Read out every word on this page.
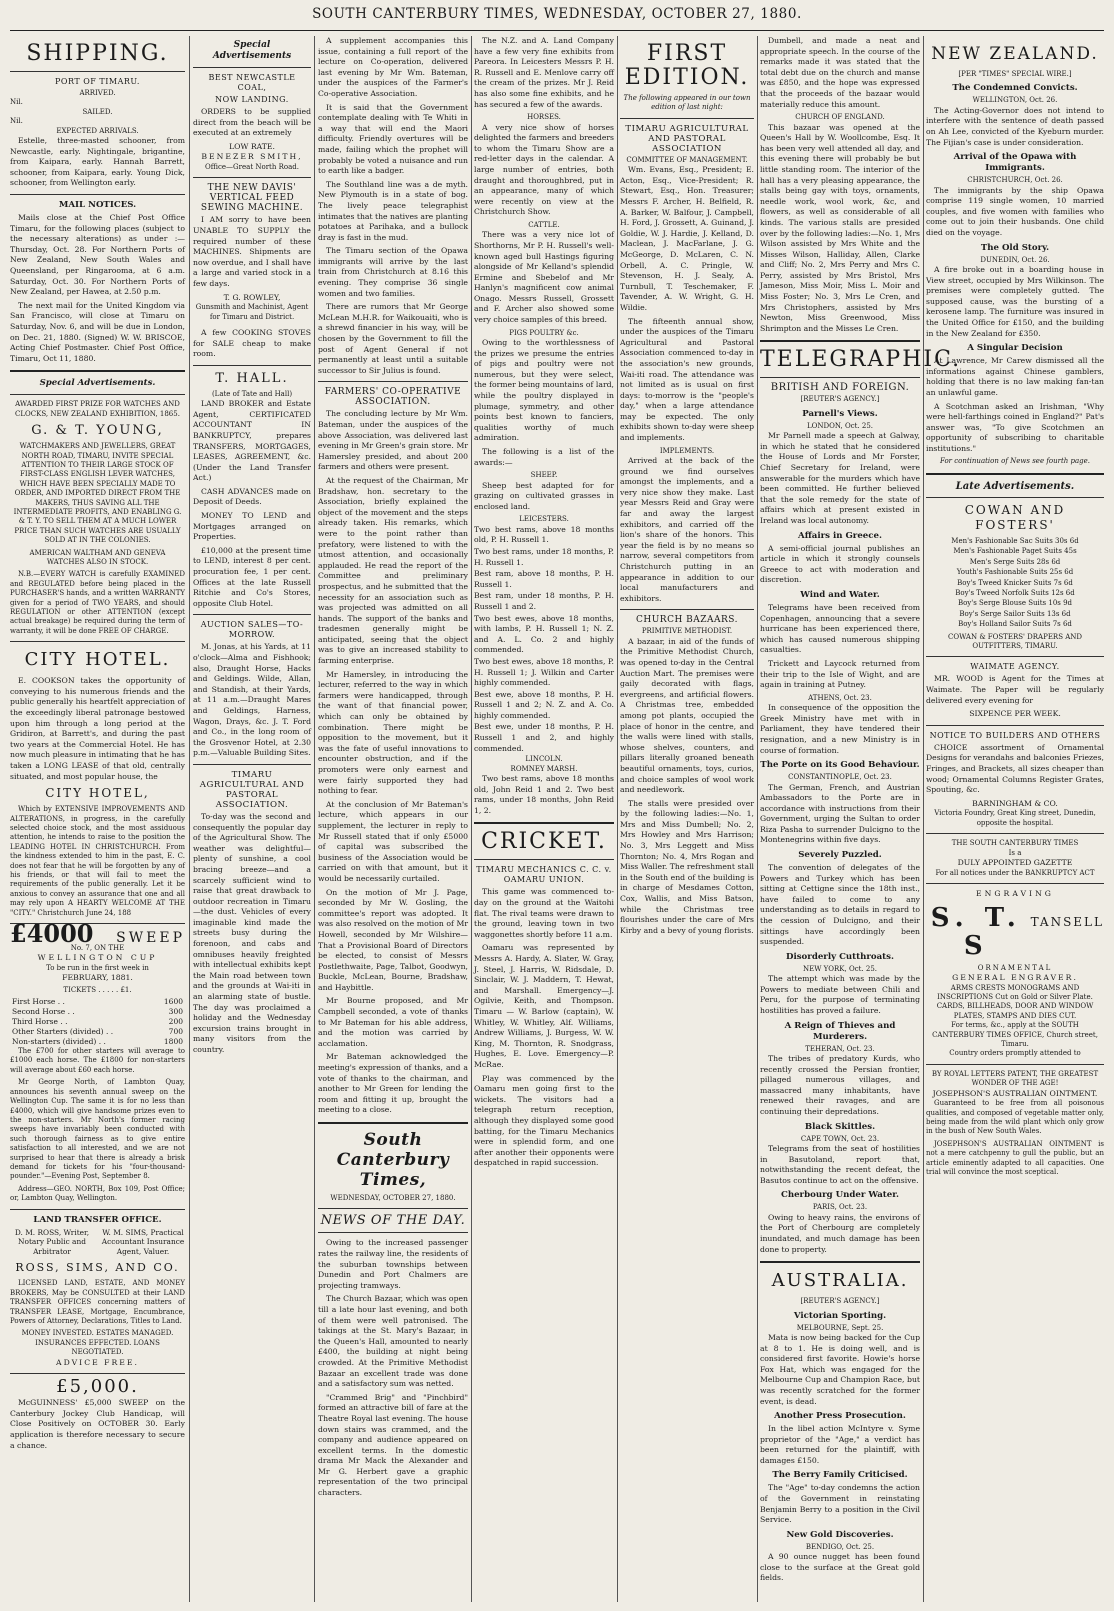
SOUTH CANTERBURY TIMES, WEDNESDAY, OCTOBER 27, 1880.
SHIPPING.
PORT OF TIMARU.
ARRIVED.
Nil.
SAILED.
Nil.
EXPECTED ARRIVALS.

Estelle, three-masted schooner, from Newcastle, early. Nightingale, brigantine, from Kaipara, early. Hannah Barrett, schooner, from Kaipara, early. Young Dick, schooner, from Wellington early.

MAIL NOTICES.

Mails close at the Chief Post Office Timaru, for the following places (subject to the necessary alterations) as under :— Thursday, Oct. 28. For Northern Ports of New Zealand, New South Wales and Queensland, per Ringarooma, at 6 a.m. Saturday, Oct. 30. For Northern Ports of New Zealand, per Hawea, at 2.50 p.m.

The next mail for the United Kingdom via San Francisco, will close at Timaru on Saturday, Nov. 6, and will be due in London, on Dec. 21, 1880. (Signed) W. W. BRISCOE, Acting Chief Postmaster. Chief Post Office, Timaru, Oct 11, 1880.

Special Advertisements.
AWARDED FIRST PRIZE FOR WATCHES AND CLOCKS, NEW ZEALAND EXHIBITION, 1865.
G. & T. YOUNG,
WATCHMAKERS AND JEWELLERS, GREAT NORTH ROAD, TIMARU, INVITE SPECIAL ATTENTION TO THEIR LARGE STOCK OF FIRST-CLASS ENGLISH LEVER WATCHES, WHICH HAVE BEEN SPECIALLY MADE TO ORDER, AND IMPORTED DIRECT FROM THE MAKERS, THUS SAVING ALL THE INTERMEDIATE PROFITS, AND ENABLING G. & T. Y. TO SELL THEM AT A MUCH LOWER PRICE THAN SUCH WATCHES ARE USUALLY SOLD AT IN THE COLONIES.
AMERICAN WALTHAM AND GENEVA WATCHES ALSO IN STOCK.

N.B.—EVERY WATCH is carefully EXAMINED and REGULATED before being placed in the PURCHASER'S hands, and a written WARRANTY given for a period of TWO YEARS, and should REGULATION or other ATTENTION (except actual breakage) be required during the term of warranty, it will be done FREE OF CHARGE.

CITY HOTEL.

E. COOKSON takes the opportunity of conveying to his numerous friends and the public generally his heartfelt appreciation of the exceedingly liberal patronage bestowed upon him through a long period at the Gridiron, at Barrett's, and during the past two years at the Commercial Hotel. He has now much pleasure in intimating that he has taken a LONG LEASE of that old, centrally situated, and most popular house, the

CITY HOTEL,

Which by EXTENSIVE IMPROVEMENTS AND ALTERATIONS, in progress, in the carefully selected choice stock, and the most assiduous attention, he intends to raise to the position the LEADING HOTEL IN CHRISTCHURCH. From the kindness extended to him in the past, E. C. does not fear that he will be forgotten by any of his friends, or that will fail to meet the requirements of the public generally. Let it be anxious to convey an assurance that one and all may rely upon A HEARTY WELCOME AT THE "CITY." Christchurch June 24, 188

£4000 SWEEP
No. 7, ON THE
WELLINGTON CUP
To be run in the first week in
FEBRUARY, 1881.
TICKETS . . . . . £1.
First Horse . .	1600
Second Horse . .	300
Third Horse . .	200
Other Starters (divided) . .	700
Non-starters (divided) . .	1800

The £700 for other starters will average to £1000 each horse. The £1800 for non-starters will average about £60 each horse.

Mr George North, of Lambton Quay, announces his seventh annual sweep on the Wellington Cup. The same it is for no less than £4000, which will give handsome prizes even to the non-starters. Mr North's former racing sweeps have invariably been conducted with such thorough fairness as to give entire satisfaction to all interested, and we are not surprised to hear that there is already a brisk demand for tickets for his "four-thousand-pounder."—Evening Post, September 8.

Address—GEO. NORTH, Box 109, Post Office; or, Lambton Quay, Wellington.

LAND TRANSFER OFFICE.
D. M. ROSS, Writer, Notary Public and Arbitrator
W. M. SIMS, Practical Accountant Insurance Agent, Valuer.
ROSS, SIMS, AND CO.

LICENSED LAND, ESTATE, AND MONEY BROKERS, May be CONSULTED at their LAND TRANSFER OFFICES concerning matters of TRANSFER LEASE, Mortgage, Encumbrance, Powers of Attorney, Declarations, Titles to Land.

MONEY INVESTED. ESTATES MANAGED. INSURANCES EFFECTED. LOANS NEGOTIATED.
ADVICE FREE.
£5,000.

McGUINNESS' £5,000 SWEEP on the Canterbury Jockey Club Handicap, will Close Positively on OCTOBER 30. Early application is therefore necessary to secure a chance.

Special Advertisements
BEST NEWCASTLE COAL,
NOW LANDING.

ORDERS to be supplied direct from the beach will be executed at an extremely

LOW RATE.
BENEZER SMITH,
Office—Great North Road.
THE NEW DAVIS' VERTICAL FEED SEWING MACHINE.

I AM sorry to have been UNABLE TO SUPPLY the required number of these MACHINES. Shipments are now overdue, and I shall have a large and varied stock in a few days.

T. G. ROWLEY,
Gunsmith and Machinist, Agent for Timaru and District.

A few COOKING STOVES for SALE cheap to make room.

T. HALL.
(Late of Tate and Hall)

LAND BROKER and Estate Agent, CERTIFICATED ACCOUNTANT IN BANKRUPTCY, prepares TRANSFERS, MORTGAGES, LEASES, AGREEMENT, &c. (Under the Land Transfer Act.)

CASH ADVANCES made on Deposit of Deeds.

MONEY TO LEND and Mortgages arranged on Properties.

£10,000 at the present time to LEND, interest 8 per cent. procuration fee, 1 per cent. Offices at the late Russell Ritchie and Co's Stores, opposite Club Hotel.

AUCTION SALES—TO-MORROW.

M. Jonas, at his Yards, at 11 o'clock—Alma and Fishhook; also, Draught Horse, Hacks and Geldings. Wilde, Allan, and Standish, at their Yards, at 11 a.m.—Draught Mares and Geldings, Harness, Wagon, Drays, &c. J. T. Ford and Co., in the long room of the Grosvenor Hotel, at 2.30 p.m.—Valuable Building Sites.

TIMARU AGRICULTURAL AND PASTORAL ASSOCIATION.

To-day was the second and consequently the popular day of the Agricultural Show. The weather was delightful—plenty of sunshine, a cool bracing breeze—and a scarcely sufficient wind to raise that great drawback to outdoor recreation in Timaru—the dust. Vehicles of every imaginable kind made the streets busy during the forenoon, and cabs and omnibuses heavily freighted with intellectual exhibits kept the Main road between town and the grounds at Wai-iti in an alarming state of bustle. The day was proclaimed a holiday and the Wednesday excursion trains brought in many visitors from the country.

A supplement accompanies this issue, containing a full report of the lecture on Co-operation, delivered last evening by Mr Wm. Bateman, under the auspices of the Farmer's Co-operative Association.

It is said that the Government contemplate dealing with Te Whiti in a way that will end the Maori difficulty. Friendly overtures will be made, failing which the prophet will probably be voted a nuisance and run to earth like a badger.

The Southland line was a de myth. New Plymouth is in a state of bog. The lively peace telegraphist intimates that the natives are planting potatoes at Parihaka, and a bullock dray is fast in the mud.

The Timaru section of the Opawa immigrants will arrive by the last train from Christchurch at 8.16 this evening. They comprise 36 single women and two families.

There are rumors that Mr George McLean M.H.R. for Waikouaiti, who is a shrewd financier in his way, will be chosen by the Government to fill the post of Agent General if not permanently at least until a suitable successor to Sir Julius is found.

FARMERS' CO-OPERATIVE ASSOCIATION.

The concluding lecture by Mr Wm. Bateman, under the auspices of the above Association, was delivered last evening in Mr Green's grain store. Mr Hamersley presided, and about 200 farmers and others were present.

At the request of the Chairman, Mr Bradshaw, hon. secretary to the Association, briefly explained the object of the movement and the steps already taken. His remarks, which were to the point rather than prefatory, were listened to with the utmost attention, and occasionally applauded. He read the report of the Committee and preliminary prospectus, and he submitted that the necessity for an association such as was projected was admitted on all hands. The support of the banks and tradesmen generally might be anticipated, seeing that the object was to give an increased stability to farming enterprise.

Mr Hamersley, in introducing the lecturer, referred to the way in which farmers were handicapped, through the want of that financial power, which can only be obtained by combination. There might be opposition to the movement, but it was the fate of useful innovations to encounter obstruction, and if the promoters were only earnest and were fairly supported they had nothing to fear.

At the conclusion of Mr Bateman's lecture, which appears in our supplement, the lecturer in reply to Mr Russell stated that if only £5000 of capital was subscribed the business of the Association would be carried on with that amount, but it would be necessarily curtailed.

On the motion of Mr J. Page, seconded by Mr W. Gosling, the committee's report was adopted. It was also resolved on the motion of Mr Howell, seconded by Mr Wilshire—That a Provisional Board of Directors be elected, to consist of Messrs Postlethwaite, Page, Talbot, Goodwyn, Buckle, McLean, Bourne, Bradshaw, and Haybittle.

Mr Bourne proposed, and Mr Campbell seconded, a vote of thanks to Mr Bateman for his able address, and the motion was carried by acclamation.

Mr Bateman acknowledged the meeting's expression of thanks, and a vote of thanks to the chairman, and another to Mr Green for lending the room and fitting it up, brought the meeting to a close.

South Canterbury Times,
WEDNESDAY, OCTOBER 27, 1880.
NEWS OF THE DAY.

Owing to the increased passenger rates the railway line, the residents of the suburban townships between Dunedin and Port Chalmers are projecting tramways.

The Church Bazaar, which was open till a late hour last evening, and both of them were well patronised. The takings at the St. Mary's Bazaar, in the Queen's Hall, amounted to nearly £400, the building at night being crowded. At the Primitive Methodist Bazaar an excellent trade was done and a satisfactory sum was netted.

"Crammed Brig" and "Pinchbird" formed an attractive bill of fare at the Theatre Royal last evening. The house down stairs was crammed, and the company and audience appeared on excellent terms. In the domestic drama Mr Mack the Alexander and Mr G. Herbert gave a graphic representation of the two principal characters.

The N.Z. and A. Land Company have a few very fine exhibits from Pareora. In Leicesters Messrs P. H. R. Russell and E. Menlove carry off the cream of the prizes. Mr J. Reid has also some fine exhibits, and he has secured a few of the awards.

HORSES.

A very nice show of horses delighted the farmers and breeders to whom the Timaru Show are a red-letter days in the calendar. A large number of entries, both draught and thoroughbred, put in an appearance, many of which were recently on view at the Christchurch Show.

CATTLE.

There was a very nice lot of Shorthorns, Mr P. H. Russell's well-known aged bull Hastings figuring alongside of Mr Kelland's splendid Ermine and Sbebelof and Mr Hanlyn's magnificent cow animal Onago. Messrs Russell, Grossett and F. Archer also showed some very choice samples of this breed.

PIGS POULTRY &c.

Owing to the worthlessness of the prizes we presume the entries of pigs and poultry were not numerous, but they were select, the former being mountains of lard, while the poultry displayed in plumage, symmetry, and other points best known to fanciers, qualities worthy of much admiration.

The following is a list of the awards:—

SHEEP.

Sheep best adapted for for grazing on cultivated grasses in enclosed land.

LEICESTERS.
Two best rams, above 18 months old, P. H. Russell 1.
Two best rams, under 18 months, P. H. Russell 1.
Best ram, above 18 months, P. H. Russell 1.
Best ram, under 18 months, P. H. Russell 1 and 2.
Two best ewes, above 18 months, with lambs, P. H. Russell 1; N. Z. and A. L. Co. 2 and highly commended.
Two best ewes, above 18 months, P. H. Russell 1; J. Wilkin and Carter highly commended.
Best ewe, above 18 months, P. H. Russell 1 and 2; N. Z. and A. Co. highly commended.
Best ewe, under 18 months, P. H. Russell 1 and 2, and highly commended.
LINCOLN.
ROMNEY MARSH.

Two best rams, above 18 months old, John Reid 1 and 2. Two best rams, under 18 months, John Reid 1, 2.

CRICKET.
TIMARU MECHANICS C. C. v. OAMARU UNION.

This game was commenced to-day on the ground at the Waitohi flat. The rival teams were drawn to the ground, leaving town in two waggonettes shortly before 11 a.m.

Oamaru was represented by Messrs A. Hardy, A. Slater, W. Gray, J. Steel, J. Harris, W. Ridsdale, D. Sinclair, W. J. Maddern, T. Hewat, and Marshall. Emergency—J. Ogilvie, Keith, and Thompson. Timaru — W. Barlow (captain), W. Whitley, W. Whitley, Alf. Williams, Andrew Williams, J. Burgess, W. W. King, M. Thornton, R. Snodgrass, Hughes, E. Love. Emergency—P. McRae.

Play was commenced by the Oamaru men going first to the wickets. The visitors had a telegraph return reception, although they displayed some good batting, for the Timaru Mechanics were in splendid form, and one after another their opponents were despatched in rapid succession.

FIRST EDITION.
The following appeared in our town edition of last night:
TIMARU AGRICULTURAL AND PASTORAL ASSOCIATION
COMMITTEE OF MANAGEMENT.

Wm. Evans, Esq., President; E. Acton, Esq., Vice-President; R. Stewart, Esq., Hon. Treasurer; Messrs F. Archer, H. Belfield, R. A. Barker, W. Balfour, J. Campbell, H. Ford, J. Grossett, A. Guinand, J. Goldie, W. J. Hardie, J. Kelland, D. Maclean, J. MacFarlane, J. G. McGeorge, D. McLaren, C. N. Orbell, A. C. Pringle, W. Stevenson, H. J. Sealy, A. Turnbull, T. Teschemaker, F. Tavender, A. W. Wright, G. H. Wildie.

The fifteenth annual show, under the auspices of the Timaru Agricultural and Pastoral Association commenced to-day in the association's new grounds, Wai-iti road. The attendance was not limited as is usual on first days: to-morrow is the "people's day," when a large attendance may be expected. The only exhibits shown to-day were sheep and implements.

IMPLEMENTS.

Arrived at the back of the ground we find ourselves amongst the implements, and a very nice show they make. Last year Messrs Reid and Gray were far and away the largest exhibitors, and carried off the lion's share of the honors. This year the field is by no means so narrow, several competitors from Christchurch putting in an appearance in addition to our local manufacturers and exhibitors.

CHURCH BAZAARS.
PRIMITIVE METHODIST.

A bazaar, in aid of the funds of the Primitive Methodist Church, was opened to-day in the Central Auction Mart. The premises were gaily decorated with flags, evergreens, and artificial flowers. A Christmas tree, embedded among pot plants, occupied the place of honor in the centre, and the walls were lined with stalls, whose shelves, counters, and pillars literally groaned beneath beautiful ornaments, toys, curios, and choice samples of wool work and needlework.

The stalls were presided over by the following ladies:—No. 1, Mrs and Miss Dumbell; No. 2, Mrs Howley and Mrs Harrison; No. 3, Mrs Leggett and Miss Thornton; No. 4, Mrs Rogan and Miss Waller. The refreshment stall in the South end of the building is in charge of Mesdames Cotton, Cox, Wallis, and Miss Batson, while the Christmas tree flourishes under the care of Mrs Kirby and a bevy of young florists.

Dumbell, and made a neat and appropriate speech. In the course of the remarks made it was stated that the total debt due on the church and manse was £850, and the hope was expressed that the proceeds of the bazaar would materially reduce this amount.

CHURCH OF ENGLAND.

This bazaar was opened at the Queen's Hall by W. Woollcombe, Esq. It has been very well attended all day, and this evening there will probably be but little standing room. The interior of the hall has a very pleasing appearance, the stalls being gay with toys, ornaments, needle work, wool work, &c, and flowers, as well as considerable of all kinds. The various stalls are presided over by the following ladies:—No. 1, Mrs Wilson assisted by Mrs White and the Misses Wilson, Halliday, Allen, Clarke and Cliff; No. 2, Mrs Perry and Mrs C. Perry, assisted by Mrs Bristol, Mrs Jameson, Miss Moir, Miss L. Moir and Miss Foster; No. 3, Mrs Le Cren, and Mrs Christophers, assisted by Mrs Newton, Miss Greenwood, Miss Shrimpton and the Misses Le Cren.

TELEGRAPHIC.
BRITISH AND FOREIGN.
[REUTER'S AGENCY.]
Parnell's Views.
LONDON, Oct. 25.

Mr Parnell made a speech at Galway, in which he stated that he considered the House of Lords and Mr Forster, Chief Secretary for Ireland, were answerable for the murders which have been committed. He further believed that the sole remedy for the state of affairs which at present existed in Ireland was local autonomy.

Affairs in Greece.

A semi-official journal publishes an article in which it strongly counsels Greece to act with moderation and discretion.

Wind and Water.

Telegrams have been received from Copenhagen, announcing that a severe hurricane has been experienced there, which has caused numerous shipping casualties.

Trickett and Laycock returned from their trip to the Isle of Wight, and are again in training at Putney.

ATHENS, Oct. 23.

In consequence of the opposition the Greek Ministry have met with in Parliament, they have tendered their resignation, and a new Ministry is in course of formation.

The Porte on its Good Behaviour.
CONSTANTINOPLE, Oct. 23.

The German, French, and Austrian Ambassadors to the Porte are in accordance with instructions from their Government, urging the Sultan to order Riza Pasha to surrender Dulcigno to the Montenegrins within five days.

Severely Puzzled.

The convention of delegates of the Powers and Turkey which has been sitting at Cettigne since the 18th inst., have failed to come to any understanding as to details in regard to the cession of Dulcigno, and their sittings have accordingly been suspended.

Disorderly Cutthroats.
NEW YORK, Oct. 25.

The attempt which was made by the Powers to mediate between Chili and Peru, for the purpose of terminating hostilities has proved a failure.

A Reign of Thieves and Murderers.
TEHERAN, Oct. 23.

The tribes of predatory Kurds, who recently crossed the Persian frontier, pillaged numerous villages, and massacred many inhabitants, have renewed their ravages, and are continuing their depredations.

Black Skittles.
CAPE TOWN, Oct. 23.

Telegrams from the seat of hostilities in Basutoland, report that, notwithstanding the recent defeat, the Basutos continue to act on the offensive.

Cherbourg Under Water.
PARIS, Oct. 23.

Owing to heavy rains, the environs of the Port of Cherbourg are completely inundated, and much damage has been done to property.

AUSTRALIA.
[REUTER'S AGENCY.]
Victorian Sporting.
MELBOURNE, Sept. 25.

Mata is now being backed for the Cup at 8 to 1. He is doing well, and is considered first favorite. Howie's horse Fox Hat, which was engaged for the Melbourne Cup and Champion Race, but was recently scratched for the former event, is dead.

Another Press Prosecution.

In the libel action McIntyre v. Syme proprietor of the "Age," a verdict has been returned for the plaintiff, with damages £150.

The Berry Family Criticised.

The "Age" to-day condemns the action of the Government in reinstating Benjamin Berry to a position in the Civil Service.

New Gold Discoveries.
BENDIGO, Oct. 25.

A 90 ounce nugget has been found close to the surface at the Great gold fields.

NEW ZEALAND.
[PER "TIMES" SPECIAL WIRE.]
The Condemned Convicts.
WELLINGTON, Oct. 26.

The Acting-Governor does not intend to interfere with the sentence of death passed on Ah Lee, convicted of the Kyeburn murder. The Fijian's case is under consideration.

Arrival of the Opawa with Immigrants.
CHRISTCHURCH, Oct. 26.

The immigrants by the ship Opawa comprise 119 single women, 10 married couples, and five women with families who come out to join their husbands. One child died on the voyage.

The Old Story.
DUNEDIN, Oct. 26.

A fire broke out in a boarding house in View street, occupied by Mrs Wilkinson. The premises were completely gutted. The supposed cause, was the bursting of a kerosene lamp. The furniture was insured in the United Office for £150, and the building in the New Zealand for £350.

A Singular Decision

At Lawrence, Mr Carew dismissed all the informations against Chinese gamblers, holding that there is no law making fan-tan an unlawful game.

A Scotchman asked an Irishman, "Why were hell-farthings coined in England?" Pat's answer was, "To give Scotchmen an opportunity of subscribing to charitable institutions."

For continuation of News see fourth page.
Late Advertisements.
COWAN AND FOSTERS'
Men's Fashionable Sac Suits 30s 6d
Men's Fashionable Paget Suits 45s
Men's Serge Suits 28s 6d
Youth's Fashionable Suits 25s 6d
Boy's Tweed Knicker Suits 7s 6d
Boy's Tweed Norfolk Suits 12s 6d
Boy's Serge Blouse Suits 10s 9d
Boy's Serge Sailor Suits 13s 6d
Boy's Holland Sailor Suits 7s 6d
COWAN & FOSTERS' DRAPERS AND OUTFITTERS, TIMARU.
WAIMATE AGENCY.

MR. WOOD is Agent for the Times at Waimate. The Paper will be regularly delivered every evening for

SIXPENCE PER WEEK.
NOTICE TO BUILDERS AND OTHERS

CHOICE assortment of Ornamental Designs for verandahs and balconies Friezes, Fringes, and Brackets, all sizes cheaper than wood; Ornamental Columns Register Grates, Spouting, &c.

BARNINGHAM & CO.
Victoria Foundry, Great King street, Dunedin, opposite the hospital.
THE SOUTH CANTERBURY TIMES
Is a
DULY APPOINTED GAZETTE
For all notices under the BANKRUPTCY ACT
ENGRAVING
S. T. S
TANSELL
ORNAMENTAL
GENERAL ENGRAVER.
ARMS CRESTS MONOGRAMS AND INSCRIPTIONS Cut on Gold or Silver Plate.
CARDS, BILLHEADS, DOOR AND WINDOW PLATES, STAMPS AND DIES CUT.
For terms, &c., apply at the SOUTH CANTERBURY TIMES OFFICE, Church street, Timaru.
Country orders promptly attended to
BY ROYAL LETTERS PATENT, THE GREATEST WONDER OF THE AGE!
JOSEPHSON'S AUSTRALIAN OINTMENT.

Guaranteed to be free from all poisonous qualities, and composed of vegetable matter only, being made from the wild plant which only grow in the bush of New South Wales.

JOSEPHSON'S AUSTRALIAN OINTMENT is not a mere catchpenny to gull the public, but an article eminently adapted to all capacities. One trial will convince the most sceptical.
